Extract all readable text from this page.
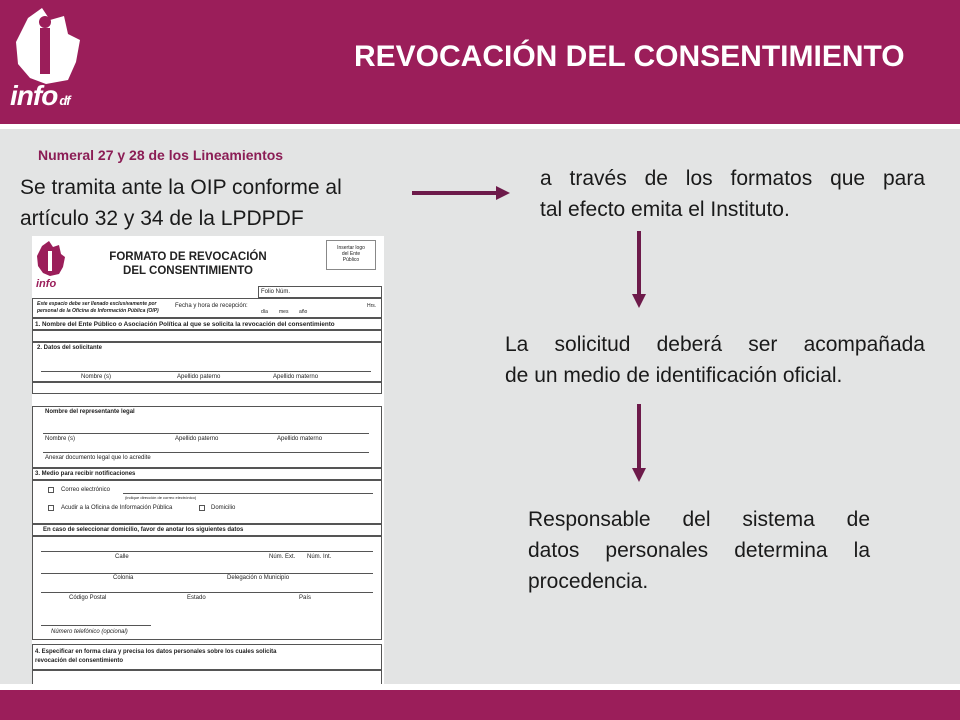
info df
REVOCACIÓN DEL CONSENTIMIENTO
Numeral 27 y 28 de los Lineamientos
Se tramita ante la OIP conforme al
artículo 32 y 34 de la LPDPDF
a través de los formatos que para
tal efecto emita el Instituto.
La solicitud deberá ser acompañada
de un medio de identificación oficial.
Responsable del sistema de
datos personales determina la
procedencia.
info
FORMATO DE REVOCACIÓN
DEL CONSENTIMIENTO
Insertar logo
del Ente
Público
Folio Núm.
Este espacio debe ser llenado exclusivamente por
personal de la Oficina de Información Pública (OIP)
Fecha y hora de recepción:
día mes año
Hrs.
1. Nombre del Ente Público o Asociación Política al que se solicita la revocación del consentimiento
2. Datos del solicitante
Nombre (s)	Apellido paterno	Apellido materno
Nombre del representante legal
Nombre (s)	Apellido paterno	Apellido materno
Anexar documento legal que lo acredite
3. Medio para recibir notificaciones
Correo electrónico
(indique dirección de correo electrónico)
Acudir a la Oficina de Información Pública	Domicilio
En caso de seleccionar domicilio, favor de anotar los siguientes datos
Calle	Núm. Ext. Núm. Int.
Colonia	Delegación o Municipio
Código Postal	Estado	País
Número telefónico (opcional)
4. Especificar en forma clara y precisa los datos personales sobre los cuales solicita
revocación del consentimiento
